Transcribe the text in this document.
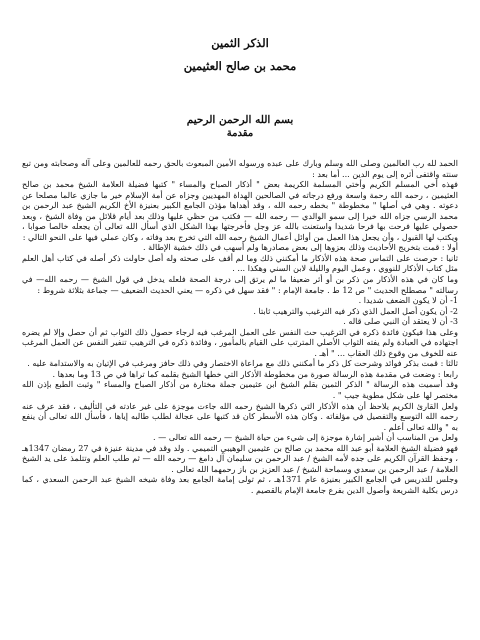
الذكر الثمين
محمد بن صالح العثيمين
بسم الله الرحمن الرحيم
مقدمة

الحمد لله رب العالمين وصلى الله وسلم وبارك على عبده ورسوله الأمين المبعوث بالحق رحمه للعالمين وعلى آله وصحابته ومن تبع سنته واقتفى أثره إلى يوم الدين ... أما بعد :

فهذه أخي المسلم الكريم وأختي المسلمة الكريمة بعض " أذكار الصباح والمساء " كتبها فضيلة العلامة الشيخ محمد بن صالح العثيمين ، رحمه الله رحمة واسعة ورفع درجاته في الصالحين الهداة المهديين وجزاه عن أمة الإسلام خير ما جازي عالما مصلحا عن دعوته . وهي في أصلها " مخطوطة " بخطه رحمه الله ، وقد أهداها مؤذن الجامع الكبير بعنيزة الأخ الكريم الشيخ عبد الرحمن بن محمد الرسي جزاه الله خيرا إلى سمو الوالدي — رحمه الله — فكتب من حظي عليها وذلك بعد أيام قلائل من وفاة الشيخ ، وبعد حصولي عليها فرحت بها فرحا شديدا واستعنت بالله عز وجل فأخرجتها بهذا الشكل الذي أسأل الله تعالى أن يجعله خالصا صوابا ، ويكتب لها القبول ، وأن يجعل هذا العمل من أوائل أعمال الشيخ رحمه الله التي تخرج بعد وفاته ، وكان عملي فيها على النحو التالي :

أولا : قمت بتخريج الأحاديث وذلك بعزوها إلى بعض مصادرها ولم أسهب في ذلك خشية الإطالة .

ثانيا : حرصت على التماس صحة هذه الأذكار ما أمكنني ذلك وما لم أقف على صحته وله أصل حاولت ذكر أصله في كتاب أهل العلم مثل كتاب الأذكار للنووي ، وعمل اليوم والليلة لابن السني وهكذا ... .

وما كان في هذه الأذكار من ذكر بن أو أثر ضعيفا ما لم يرتق إلى درجة الصحة فلعله يدخل في قول الشيخ — رحمه الله— في رسالته " مصطلح الحديث " ص 12 ط . جامعة الإمام : " فقد سهل في ذكره — يعني الحديث الضعيف — جماعة بثلاثة شروط :

1- أن لا يكون الضعف شديدا .

2- أن يكون أصل العمل الذي ذكر فيه الترغيب والترهيب ثابتا .

3- أن لا يعتقد أن النبي صلى قاله .

وعلى هذا فيكون فائدة ذكره في الترغيب حث النفس على العمل المرغب فيه لرجاء حصول ذلك الثواب ثم أن حصل وإلا لم يضره اجتهاده في العبادة ولم يفته الثواب الأصلي المترتب على القيام بالمأمور ، وفائدة ذكره في الترهيب تنفير النفس عن العمل المرغب عنه للخوف من وقوع ذلك العقاب ... " أهـ .

ثالثا : قمت بذكر فوائد وشرحت كل ذكر ما أمكنني ذلك مع مراعاة الاختصار وفي ذلك حافز ومرغب في الإتيان به والاستدامة عليه .

رابعا : وضعت في مقدمة هذه الرسالة صورة من مخطوطة الأذكار التي خطها الشيخ بقلمه كما تراها في ص 13 وما بعدها .

وقد أسميت هذه الرسالة " الذكر الثمين بقلم الشيخ ابن عثيمين جملة مختارة من أذكار الصباح والمساء " وثبت الطبع بإذن الله مختصر لها على شكل مطوية جيب " .

ولعل القارئ الكريم يلاحظ أن هذه الأذكار التي ذكرها الشيخ رحمه الله جاءت موجزة على غير عادته في التأليف ، فقد عرف عنه رحمه الله التوسع والتفصيل في مؤلفاته . وكان هذه الأسطر كان قد كتبها على عجالة لطلب طالبه إياها ، فأسأل الله تعالى أن ينفع به " والله تعالى أعلم .

ولعل من المناسب أن أشير إشارة موجزة إلى شيء من حياة الشيخ — رحمه الله تعالى — .

فهو فضيلة الشيخ العلامة أبو عبد الله محمد بن صالح بن عثيمين الوهيبي التميمي . ولد وقد في مدينة عنيزة في 27 رمضان 1347هـ ، وحفظ القرآن الكريم على جده لأمه الشيخ / عبد الرحمن بن سليمان آل دامغ — رحمه الله — ثم طلب العلم وتتلمذ على يد الشيخ العلامة / عبد الرحمن بن سعدي وسماحة الشيخ / عبد العزيز بن باز رحمهما الله تعالى .

وجلس للتدريس في الجامع الكبير بعنيزة عام 1371هـ ، ثم تولى إمامة الجامع بعد وفاة شيخه الشيخ عبد الرحمن السعدي ، كما درس بكلية الشريعة وأصول الدين بفرع جامعة الإمام بالقصيم .
